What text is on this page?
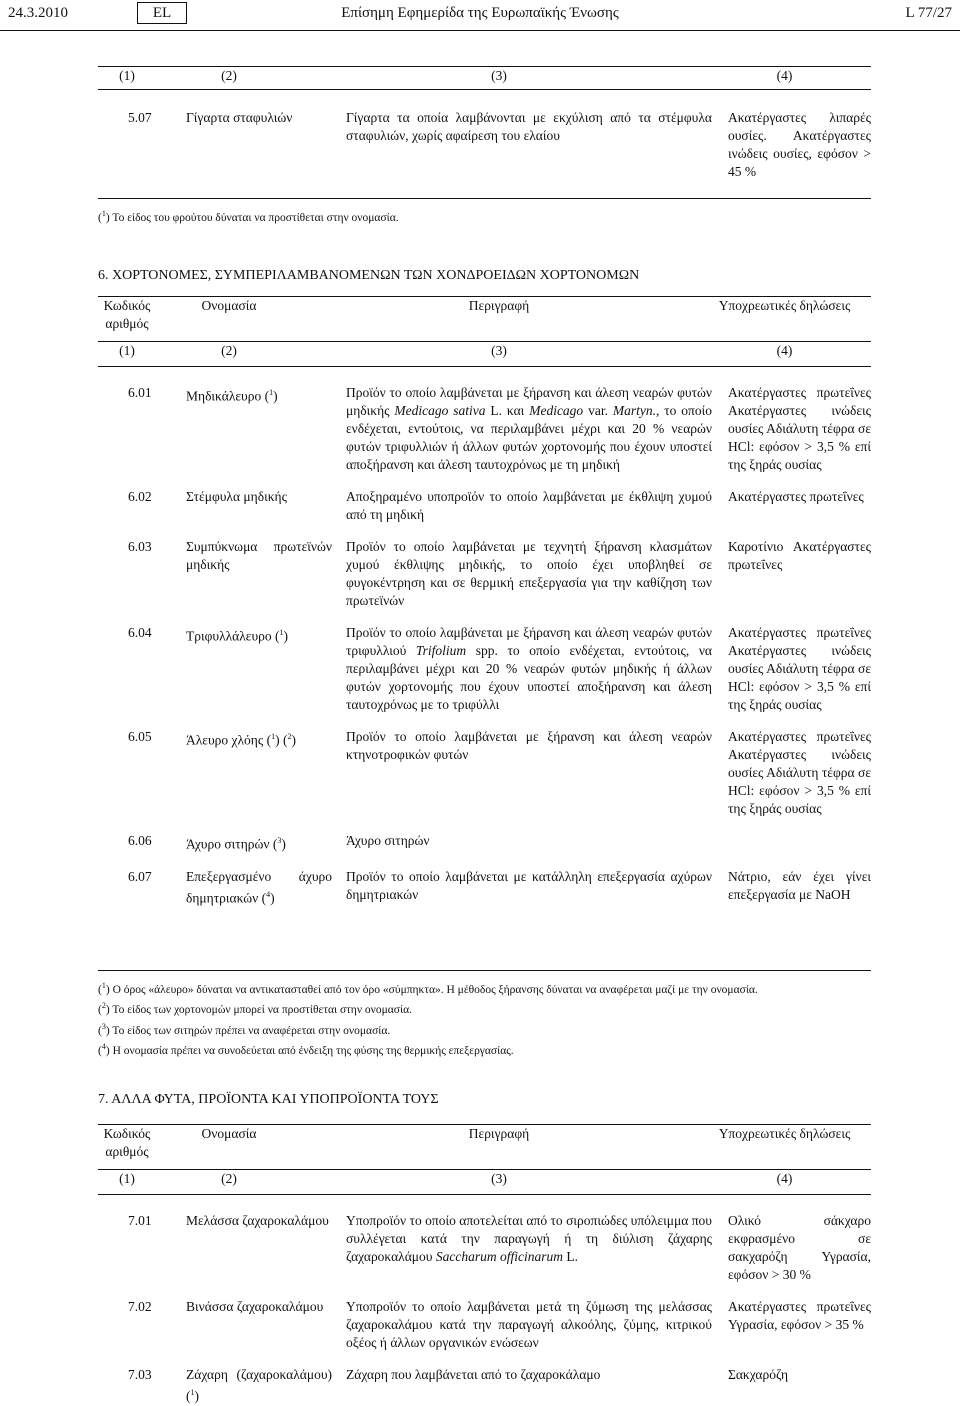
24.3.2010	EL	Επίσημη Εφημερίδα της Ευρωπαϊκής Ένωσης	L 77/27
(1)	(2)	(3)	(4)
5.07	Γίγαρτα σταφυλιών	Γίγαρτα τα οποία λαμβάνονται με εκχύλιση από τα στέμφυλα σταφυλιών, χωρίς αφαίρεση του ελαίου	Ακατέργαστες λιπαρές ουσίες. Ακατέργαστες ινώδεις ουσίες, εφόσον > 45 %
($^1$) Το είδος του φρούτου δύναται να προστίθεται στην ονομασία.
6. ΧΟΡΤΟΝΟΜΕΣ, ΣΥΜΠΕΡΙΛΑΜΒΑΝΟΜΕΝΩΝ ΤΩΝ ΧΟΝΔΡΟΕΙΔΩΝ ΧΟΡΤΟΝΟΜΩΝ
Κωδικός αριθμός	Ονομασία	Περιγραφή	Υποχρεωτικές δηλώσεις
(1)	(2)	(3)	(4)
6.01	Μηδικάλευρο ($^1$)	Προϊόν το οποίο λαμβάνεται με ξήρανση και άλεση νεαρών φυτών μηδικής Medicago sativa L. και Medicago var. Martyn., το οποίο ενδέχεται, εντούτοις, να περιλαμβάνει μέχρι και 20 % νεαρών φυτών τριφυλλιών ή άλλων φυτών χορτονομής που έχουν υποστεί αποξήρανση και άλεση ταυτοχρόνως με τη μηδική	Ακατέργαστες πρωτεΐνες Ακατέργαστες ινώδεις ουσίες Αδιάλυτη τέφρα σε HCl: εφόσον > 3,5 % επί της ξηράς ουσίας

6.02	Στέμφυλα μηδικής	Αποξηραμένο υποπροϊόν το οποίο λαμβάνεται με έκθλιψη χυμού από τη μηδική	Ακατέργαστες πρωτεΐνες

6.03	Συμπύκνωμα πρωτεϊνών μηδικής	Προϊόν το οποίο λαμβάνεται με τεχνητή ξήρανση κλασμάτων χυμού έκθλιψης μηδικής, το οποίο έχει υποβληθεί σε φυγοκέντρηση και σε θερμική επεξεργασία για την καθίζηση των πρωτεϊνών	Καροτίνιο Ακατέργαστες πρωτεΐνες

6.04	Τριφυλλάλευρο ($^1$)	Προϊόν το οποίο λαμβάνεται με ξήρανση και άλεση νεαρών φυτών τριφυλλιού Trifolium spp. το οποίο ενδέχεται, εντούτοις, να περιλαμβάνει μέχρι και 20 % νεαρών φυτών μηδικής ή άλλων φυτών χορτονομής που έχουν υποστεί αποξήρανση και άλεση ταυτοχρόνως με το τριφύλλι	Ακατέργαστες πρωτεΐνες Ακατέργαστες ινώδεις ουσίες Αδιάλυτη τέφρα σε HCl: εφόσον > 3,5 % επί της ξηράς ουσίας

6.05	Άλευρο χλόης ($^1$) ($^2$)	Προϊόν το οποίο λαμβάνεται με ξήρανση και άλεση νεαρών κτηνοτροφικών φυτών	Ακατέργαστες πρωτεΐνες Ακατέργαστες ινώδεις ουσίες Αδιάλυτη τέφρα σε HCl: εφόσον > 3,5 % επί της ξηράς ουσίας

6.06	Άχυρο σιτηρών ($^3$)	Άχυρο σιτηρών	

6.07	Επεξεργασμένο άχυρο δημητριακών ($^4$)	Προϊόν το οποίο λαμβάνεται με κατάλληλη επεξεργασία αχύρων δημητριακών	Νάτριο, εάν έχει γίνει επεξεργασία με NaOH
($^1$) Ο όρος «άλευρο» δύναται να αντικατασταθεί από τον όρο «σύμπηκτα». Η μέθοδος ξήρανσης δύναται να αναφέρεται μαζί με την ονομασία.
($^2$) Το είδος των χορτονομών μπορεί να προστίθεται στην ονομασία.
($^3$) Το είδος των σιτηρών πρέπει να αναφέρεται στην ονομασία.
($^4$) Η ονομασία πρέπει να συνοδεύεται από ένδειξη της φύσης της θερμικής επεξεργασίας.
7. ΑΛΛΑ ΦΥΤΑ, ΠΡΟΪΟΝΤΑ ΚΑΙ ΥΠΟΠΡΟΪΟΝΤΑ ΤΟΥΣ
Κωδικός αριθμός	Ονομασία	Περιγραφή	Υποχρεωτικές δηλώσεις
(1)	(2)	(3)	(4)
7.01	Μελάσσα ζαχαροκαλάμου	Υποπροϊόν το οποίο αποτελείται από το σιροπιώδες υπόλειμμα που συλλέγεται κατά την παραγωγή ή τη διύλιση ζάχαρης ζαχαροκαλάμου Saccharum officinarum L.	Ολικό σάκχαρο εκφρασμένο σε σακχαρόζη Υγρασία, εφόσον > 30 %

7.02	Βινάσσα ζαχαροκαλάμου	Υποπροϊόν το οποίο λαμβάνεται μετά τη ζύμωση της μελάσσας ζαχαροκαλάμου κατά την παραγωγή αλκοόλης, ζύμης, κιτρικού οξέος ή άλλων οργανικών ενώσεων	Ακατέργαστες πρωτεΐνες Υγρασία, εφόσον > 35 %

7.03	Ζάχαρη (ζαχαροκαλάμου) ($^1$)	Ζάχαρη που λαμβάνεται από το ζαχαροκάλαμο	Σακχαρόζη
